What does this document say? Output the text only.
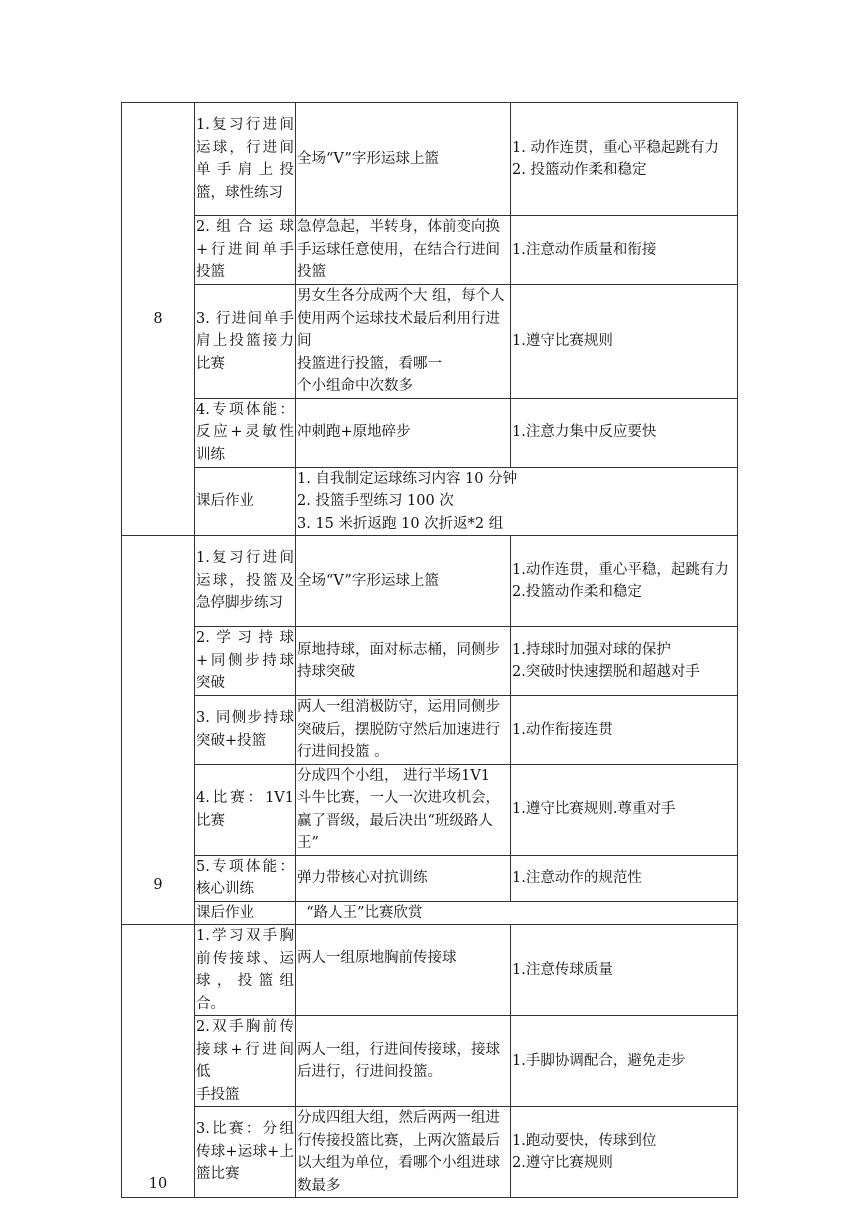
8	1.复习行进间运球，行进间单手肩上投篮，球性练习	全场“V”字形运球上篮	1. 动作连贯，重心平稳起跳有力
2. 投篮动作柔和稳定

	2.组合运球+行进间单手投篮	急停急起，半转身，体前变向换手运球任意使用，在结合行进间投篮	1.注意动作质量和衔接

	3. 行进间单手肩上投篮接力比赛	男女生各分成两个大 组，每个人使用两个运球技术最后利用行进间
投篮进行投篮，看哪一
个小组命中次数多	1.遵守比赛规则

	4.专项体能：反应+灵敏性训练	冲刺跑+原地碎步	1.注意力集中反应要快

	课后作业	1. 自我制定运球练习内容 10 分钟
2. 投篮手型练习 100 次
3. 15 米折返跑 10 次折返*2 组	

9	1.复习行进间运球，投篮及急停脚步练习	全场“V”字形运球上篮	1.动作连贯，重心平稳，起跳有力
2.投篮动作柔和稳定

	2.学习持球+同侧步持球突破	原地持球，面对标志桶，同侧步持球突破	1.持球时加强对球的保护
2.突破时快速摆脱和超越对手

	3. 同侧步持球突破+投篮	两人一组消极防守，运用同侧步突破后，摆脱防守然后加速进行行进间投篮 。	1.动作衔接连贯

	4.比赛：1V1比赛	分成四个小组， 进行半场1V1 斗牛比赛，一人一次进攻机会，赢了晋级，最后决出“班级路人王”	1.遵守比赛规则.尊重对手

	5.专项体能：核心训练	弹力带核心对抗训练	1.注意动作的规范性

	课后作业	“路人王”比赛欣赏	
10	1.学习双手胸前传接球、运球，投篮组合。	两人一组原地胸前传接球	1.注意传球质量

	2.双手胸前传接球+行进间低
手投篮	两人一组，行进间传接球，接球后进行，行进间投篮。	1.手脚协调配合，避免走步

	3.比赛：分组传球+运球+上篮比赛	分成四组大组，然后两两一组进行传接投篮比赛，上两次篮最后以大组为单位，看哪个小组进球数最多	1.跑动要快，传球到位
2.遵守比赛规则
